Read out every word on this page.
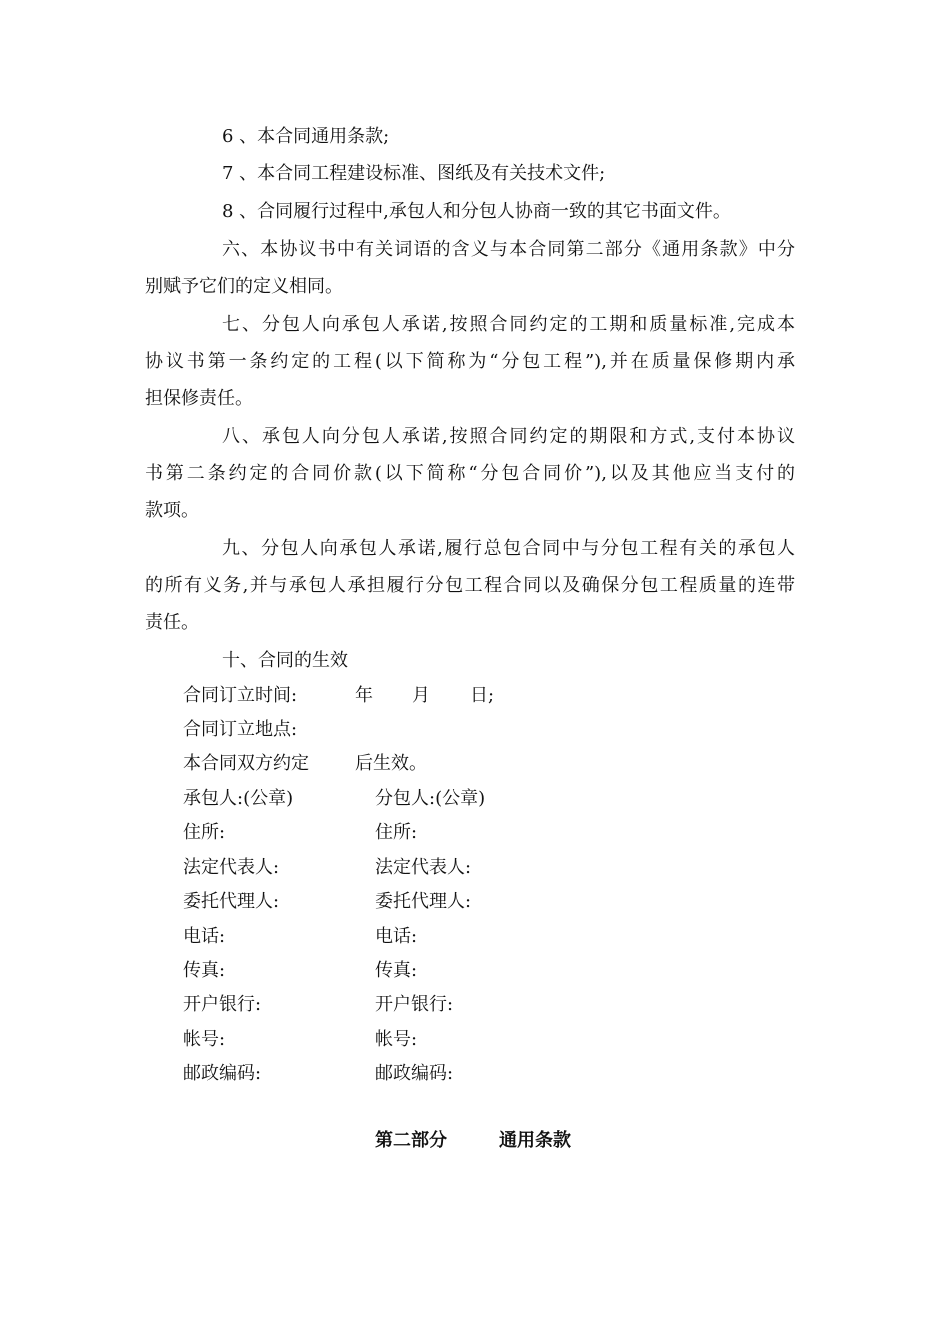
6 、本合同通用条款;
7 、本合同工程建设标准、图纸及有关技术文件;
8 、合同履行过程中,承包人和分包人协商一致的其它书面文件。
六、本协议书中有关词语的含义与本合同第二部分《通用条款》中分
别赋予它们的定义相同。
七、分包人向承包人承诺,按照合同约定的工期和质量标准,完成本
协议书第一条约定的工程(以下简称为“分包工程”),并在质量保修期内承
担保修责任。
八、承包人向分包人承诺,按照合同约定的期限和方式,支付本协议
书第二条约定的合同价款(以下简称“分包合同价”),以及其他应当支付的
款项。
九、分包人向承包人承诺,履行总包合同中与分包工程有关的承包人
的所有义务,并与承包人承担履行分包工程合同以及确保分包工程质量的连带
责任。
十、合同的生效
合同订立时间:	年 月 日;
合同订立地点:
本合同双方约定	后生效。
承包人:(公章)	分包人:(公章)
住所:	住所:
法定代表人:	法定代表人:
委托代理人:	委托代理人:
电话:	电话:
传真:	传真:
开户银行:	开户银行:
帐号:	帐号:
邮政编码:	邮政编码:
第二部分	通用条款
